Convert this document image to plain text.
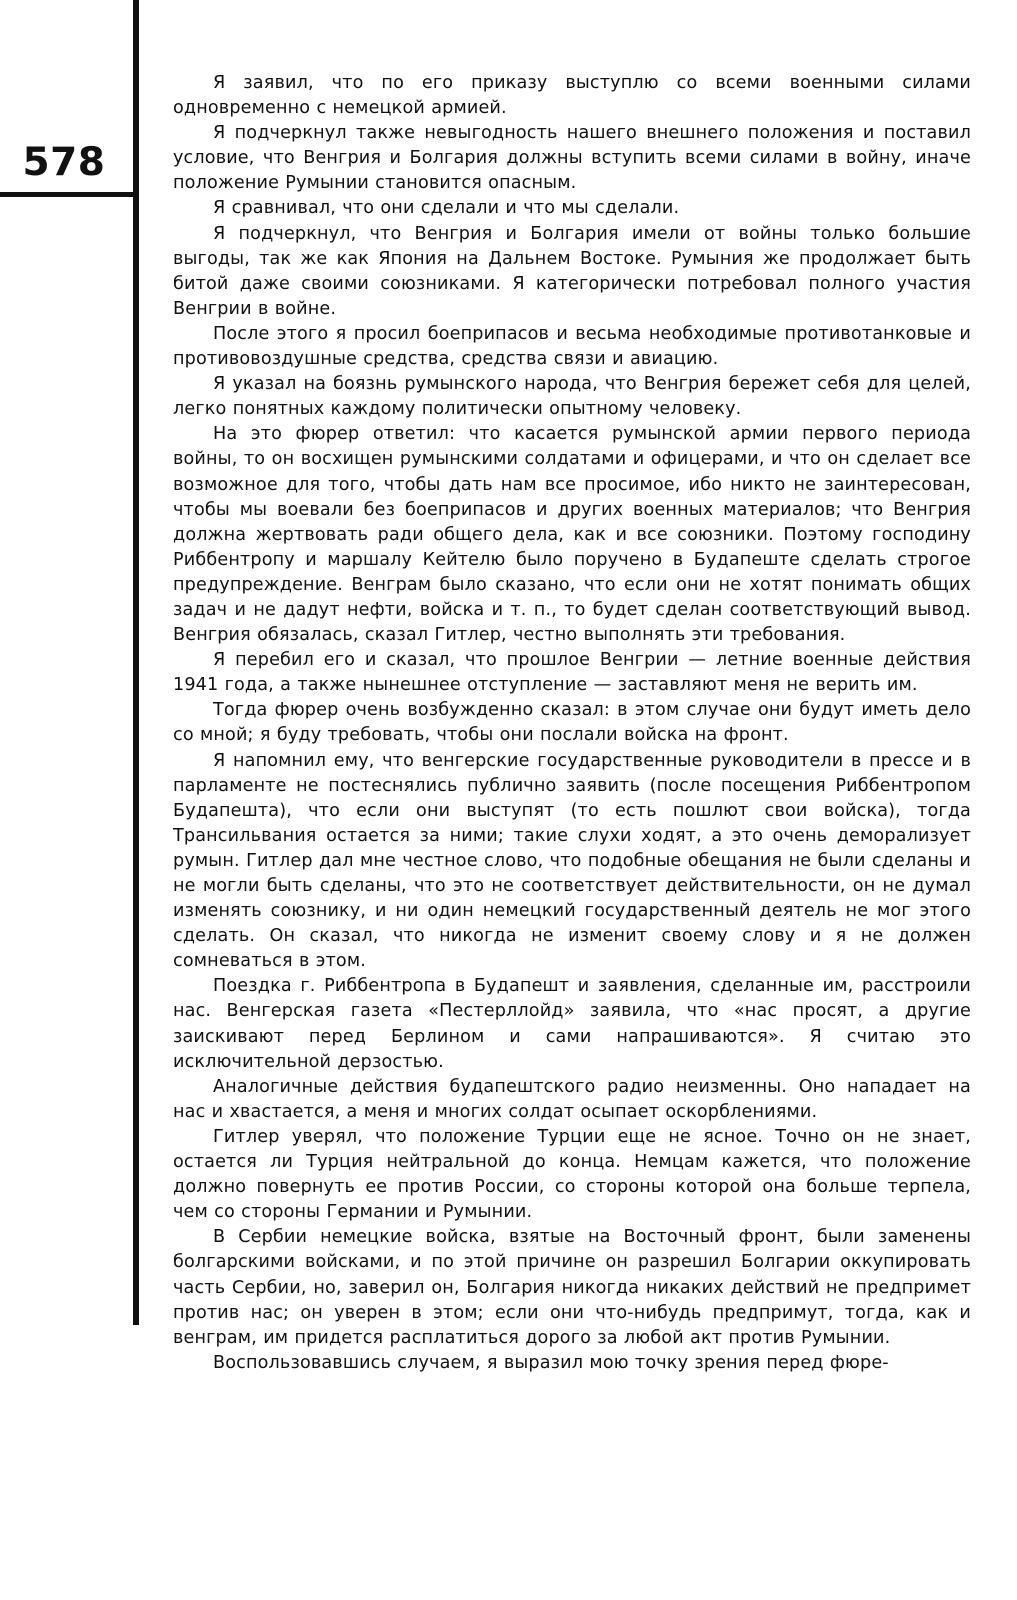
578

Я заявил, что по его приказу выступлю со всеми военными силами одновременно с немецкой армией.

Я подчеркнул также невыгодность нашего внешнего положения и поставил условие, что Венгрия и Болгария должны вступить всеми силами в войну, иначе положение Румынии становится опасным.

Я сравнивал, что они сделали и что мы сделали.

Я подчеркнул, что Венгрия и Болгария имели от войны только большие выгоды, так же как Япония на Дальнем Востоке. Румыния же продолжает быть битой даже своими союзниками. Я категорически потребовал полного участия Венгрии в войне.

После этого я просил боеприпасов и весьма необходимые противотанковые и противовоздушные средства, средства связи и авиацию.

Я указал на боязнь румынского народа, что Венгрия бережет себя для целей, легко понятных каждому политически опытному человеку.

На это фюрер ответил: что касается румынской армии первого периода войны, то он восхищен румынскими солдатами и офицерами, и что он сделает все возможное для того, чтобы дать нам все просимое, ибо никто не заинтересован, чтобы мы воевали без боеприпасов и других военных материалов; что Венгрия должна жертвовать ради общего дела, как и все союзники. Поэтому господину Риббентропу и маршалу Кейтелю было поручено в Будапеште сделать строгое предупреждение. Венграм было сказано, что если они не хотят понимать общих задач и не дадут нефти, войска и т. п., то будет сделан соответствующий вывод. Венгрия обязалась, сказал Гитлер, честно выполнять эти требования.

Я перебил его и сказал, что прошлое Венгрии — летние военные действия 1941 года, а также нынешнее отступление — заставляют меня не верить им.

Тогда фюрер очень возбужденно сказал: в этом случае они будут иметь дело со мной; я буду требовать, чтобы они послали войска на фронт.

Я напомнил ему, что венгерские государственные руководители в прессе и в парламенте не постеснялись публично заявить (после посещения Риббентропом Будапешта), что если они выступят (то есть пошлют свои войска), тогда Трансильвания остается за ними; такие слухи ходят, а это очень деморализует румын. Гитлер дал мне честное слово, что подобные обещания не были сделаны и не могли быть сделаны, что это не соответствует действительности, он не думал изменять союзнику, и ни один немецкий государственный деятель не мог этого сделать. Он сказал, что никогда не изменит своему слову и я не должен сомневаться в этом.

Поездка г. Риббентропа в Будапешт и заявления, сделанные им, расстроили нас. Венгерская газета «Пестерллойд» заявила, что «нас просят, а другие заискивают перед Берлином и сами напрашиваются». Я считаю это исключительной дерзостью.

Аналогичные действия будапештского радио неизменны. Оно нападает на нас и хвастается, а меня и многих солдат осыпает оскорблениями.

Гитлер уверял, что положение Турции еще не ясное. Точно он не знает, остается ли Турция нейтральной до конца. Немцам кажется, что положение должно повернуть ее против России, со стороны которой она больше терпела, чем со стороны Германии и Румынии.

В Сербии немецкие войска, взятые на Восточный фронт, были заменены болгарскими войсками, и по этой причине он разрешил Болгарии оккупировать часть Сербии, но, заверил он, Болгария никогда никаких действий не предпримет против нас; он уверен в этом; если они что-нибудь предпримут, тогда, как и венграм, им придется расплатиться дорого за любой акт против Румынии.

Воспользовавшись случаем, я выразил мою точку зрения перед фюре-
